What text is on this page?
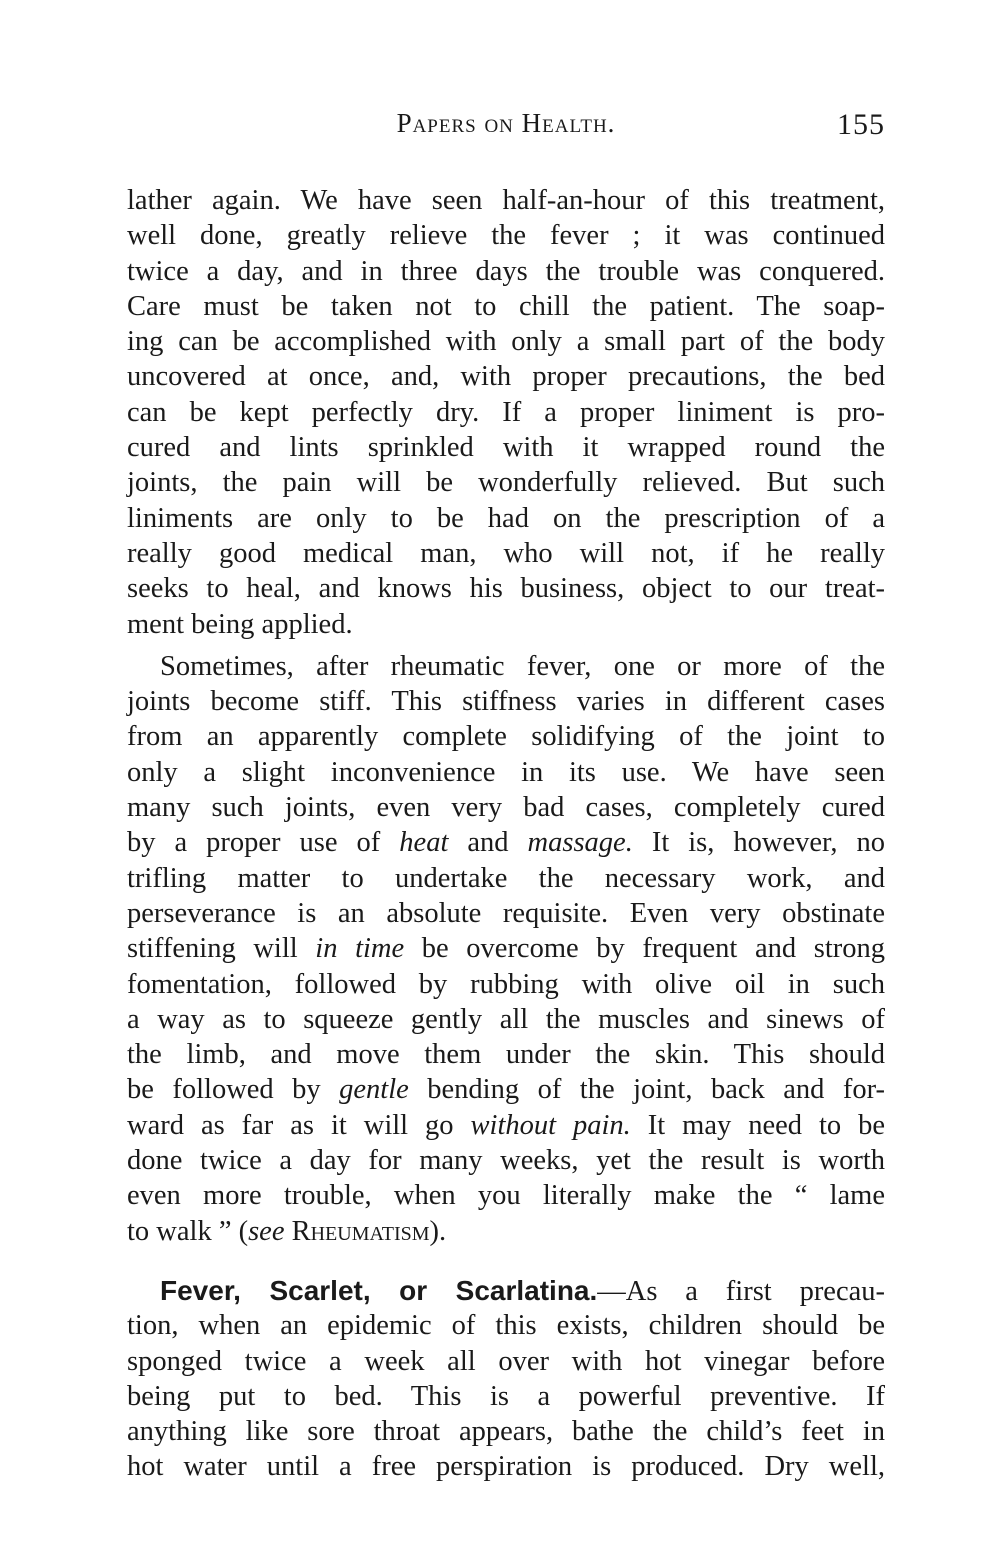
Papers on Health.	155
lather again. We have seen half-an-hour of this treatment,
well done, greatly relieve the fever ; it was continued
twice a day, and in three days the trouble was conquered.
Care must be taken not to chill the patient. The soap-
ing can be accomplished with only a small part of the body
uncovered at once, and, with proper precautions, the bed
can be kept perfectly dry. If a proper liniment is pro-
cured and lints sprinkled with it wrapped round the
joints, the pain will be wonderfully relieved. But such
liniments are only to be had on the prescription of a
really good medical man, who will not, if he really
seeks to heal, and knows his business, object to our treat-
ment being applied.
Sometimes, after rheumatic fever, one or more of the
joints become stiff. This stiffness varies in different cases
from an apparently complete solidifying of the joint to
only a slight inconvenience in its use. We have seen
many such joints, even very bad cases, completely cured
by a proper use of heat and massage. It is, however, no
trifling matter to undertake the necessary work, and
perseverance is an absolute requisite. Even very obstinate
stiffening will in time be overcome by frequent and strong
fomentation, followed by rubbing with olive oil in such
a way as to squeeze gently all the muscles and sinews of
the limb, and move them under the skin. This should
be followed by gentle bending of the joint, back and for-
ward as far as it will go without pain. It may need to be
done twice a day for many weeks, yet the result is worth
even more trouble, when you literally make the “ lame
to walk ” (see Rheumatism).
Fever, Scarlet, or Scarlatina.—As a first precau-
tion, when an epidemic of this exists, children should be
sponged twice a week all over with hot vinegar before
being put to bed. This is a powerful preventive. If
anything like sore throat appears, bathe the child’s feet in
hot water until a free perspiration is produced. Dry well,
